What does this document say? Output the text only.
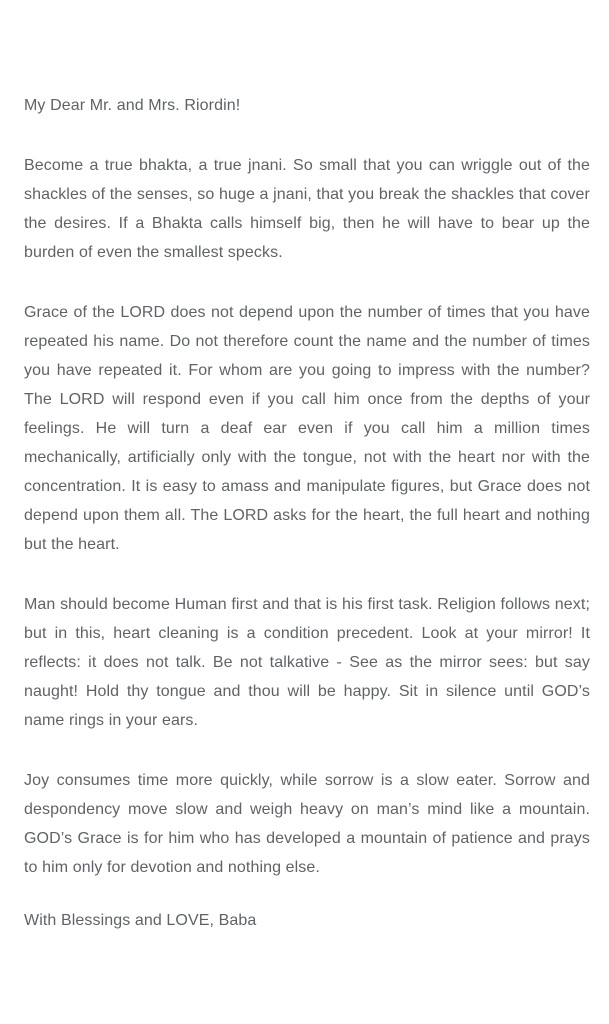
My Dear Mr. and Mrs. Riordin!

Become a true bhakta, a true jnani. So small that you can wriggle out of the shackles of the senses, so huge a jnani, that you break the shackles that cover the desires. If a Bhakta calls himself big, then he will have to bear up the burden of even the smallest specks.

Grace of the LORD does not depend upon the number of times that you have repeated his name. Do not therefore count the name and the number of times you have repeated it. For whom are you going to impress with the number? The LORD will respond even if you call him once from the depths of your feelings. He will turn a deaf ear even if you call him a million times mechanically, artificially only with the tongue, not with the heart nor with the concentration. It is easy to amass and manipulate figures, but Grace does not depend upon them all. The LORD asks for the heart, the full heart and nothing but the heart.

Man should become Human first and that is his first task. Religion follows next; but in this, heart cleaning is a condition precedent. Look at your mirror! It reflects: it does not talk. Be not talkative - See as the mirror sees: but say naught! Hold thy tongue and thou will be happy. Sit in silence until GOD’s name rings in your ears.

Joy consumes time more quickly, while sorrow is a slow eater. Sorrow and despondency move slow and weigh heavy on man’s mind like a mountain. GOD’s Grace is for him who has developed a mountain of patience and prays to him only for devotion and nothing else.

With Blessings and LOVE, Baba
